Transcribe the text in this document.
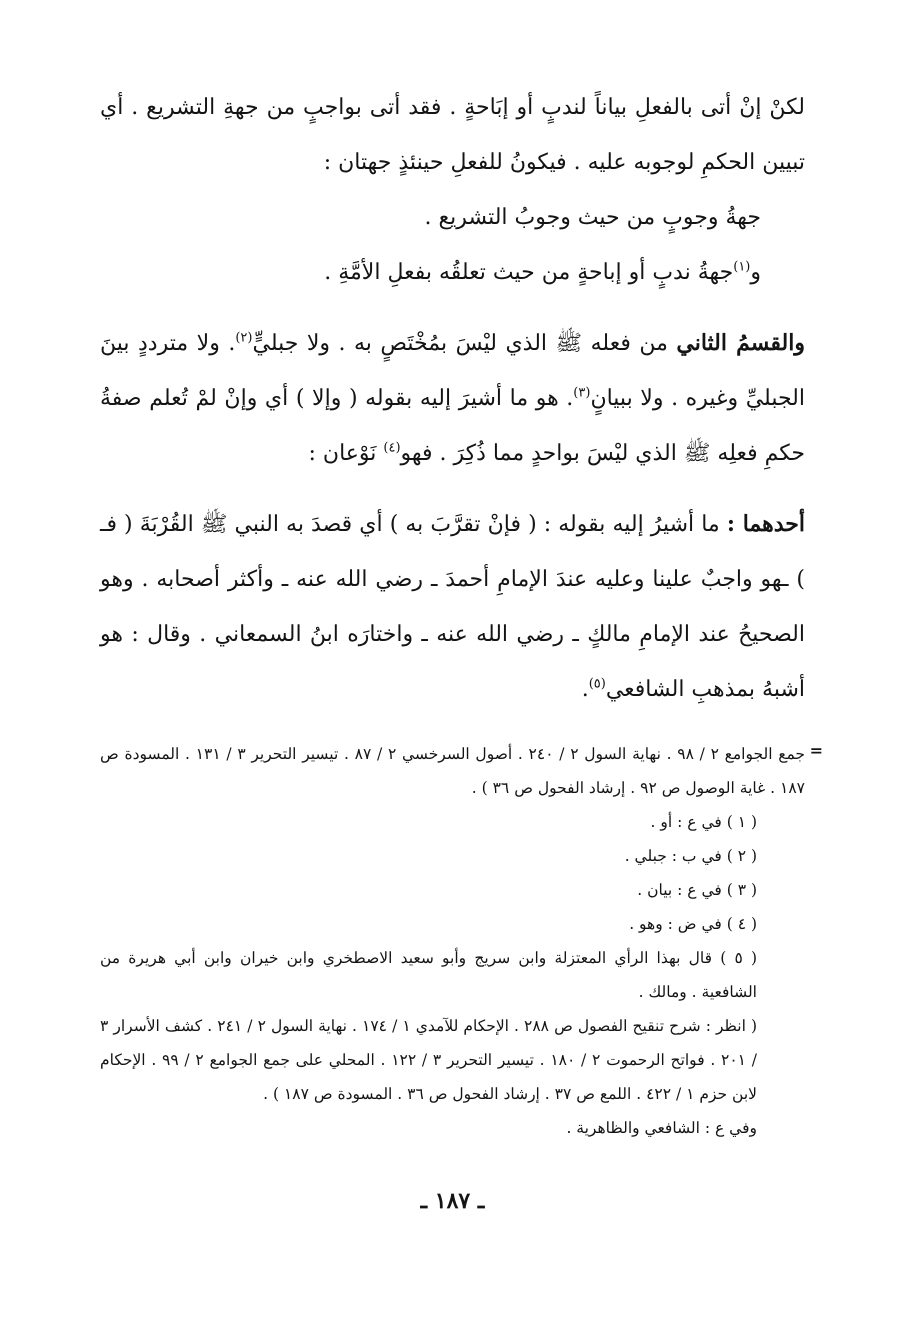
لكنْ إنْ أتى بالفعلِ بياناً لندبٍ أو إبَاحةٍ . فقد أتى بواجبٍ من جهةِ التشريع . أي تبيين الحكمِ لوجوبه عليه . فيكونُ للفعلِ حينئذٍ جهتان :

جهةُ وجوبٍ من حيث وجوبُ التشريع .

و$^{(١)}$جهةُ ندبٍ أو إباحةٍ من حيث تعلقُه بفعلِ الأمَّةِ .

والقسمُ الثاني من فعله ﷺ الذي ليْسَ بمُخْتَصٍ به . ولا جبليٍّ$^{(٢)}$. ولا مترددٍ بينَ الجبليِّ وغيره . ولا ببيانٍ$^{(٣)}$. هو ما أشيرَ إليه بقوله ( وإلا ) أي وإنْ لمْ تُعلم صفةُ حكمِ فعلِه ﷺ الذي ليْسَ بواحدٍ مما ذُكِرَ . فهو$^{(٤)}$ نَوْعان :

أحدهما : ما أشيرُ إليه بقوله : ( فإنْ تقرَّبَ به ) أي قصدَ به النبي ﷺ القُرْبَةَ ( فـ ) ـهو واجبٌ علينا وعليه عندَ الإمامِ أحمدَ ـ رضي الله عنه ـ وأكثر أصحابه . وهو الصحيحُ عند الإمامِ مالكٍ ـ رضي الله عنه ـ واختارَه ابنُ السمعاني . وقال : هو أشبهُ بمذهبِ الشافعي$^{(٥)}$.

=

جمع الجوامع ٢ / ٩٨ . نهاية السول ٢ / ٢٤٠ . أصول السرخسي ٢ / ٨٧ . تيسير التحرير ٣ / ١٣١ . المسودة ص ١٨٧ . غاية الوصول ص ٩٢ . إرشاد الفحول ص ٣٦ ) .

( ١ ) في ع : أو .

( ٢ ) في ب : جبلي .

( ٣ ) في ع : بيان .

( ٤ ) في ض : وهو .

( ٥ ) قال بهذا الرأي المعتزلة وابن سريج وأبو سعيد الاصطخري وابن خيران وابن أبي هريرة من الشافعية . ومالك .

( انظر : شرح تنقيح الفصول ص ٢٨٨ . الإحكام للآمدي ١ / ١٧٤ . نهاية السول ٢ / ٢٤١ . كشف الأسرار ٣ / ٢٠١ . فواتح الرحموت ٢ / ١٨٠ . تيسير التحرير ٣ / ١٢٢ . المحلي على جمع الجوامع ٢ / ٩٩ . الإحكام لابن حزم ١ / ٤٢٢ . اللمع ص ٣٧ . إرشاد الفحول ص ٣٦ . المسودة ص ١٨٧ ) .

وفي ع : الشافعي والظاهرية .

ـ ١٨٧ ـ
